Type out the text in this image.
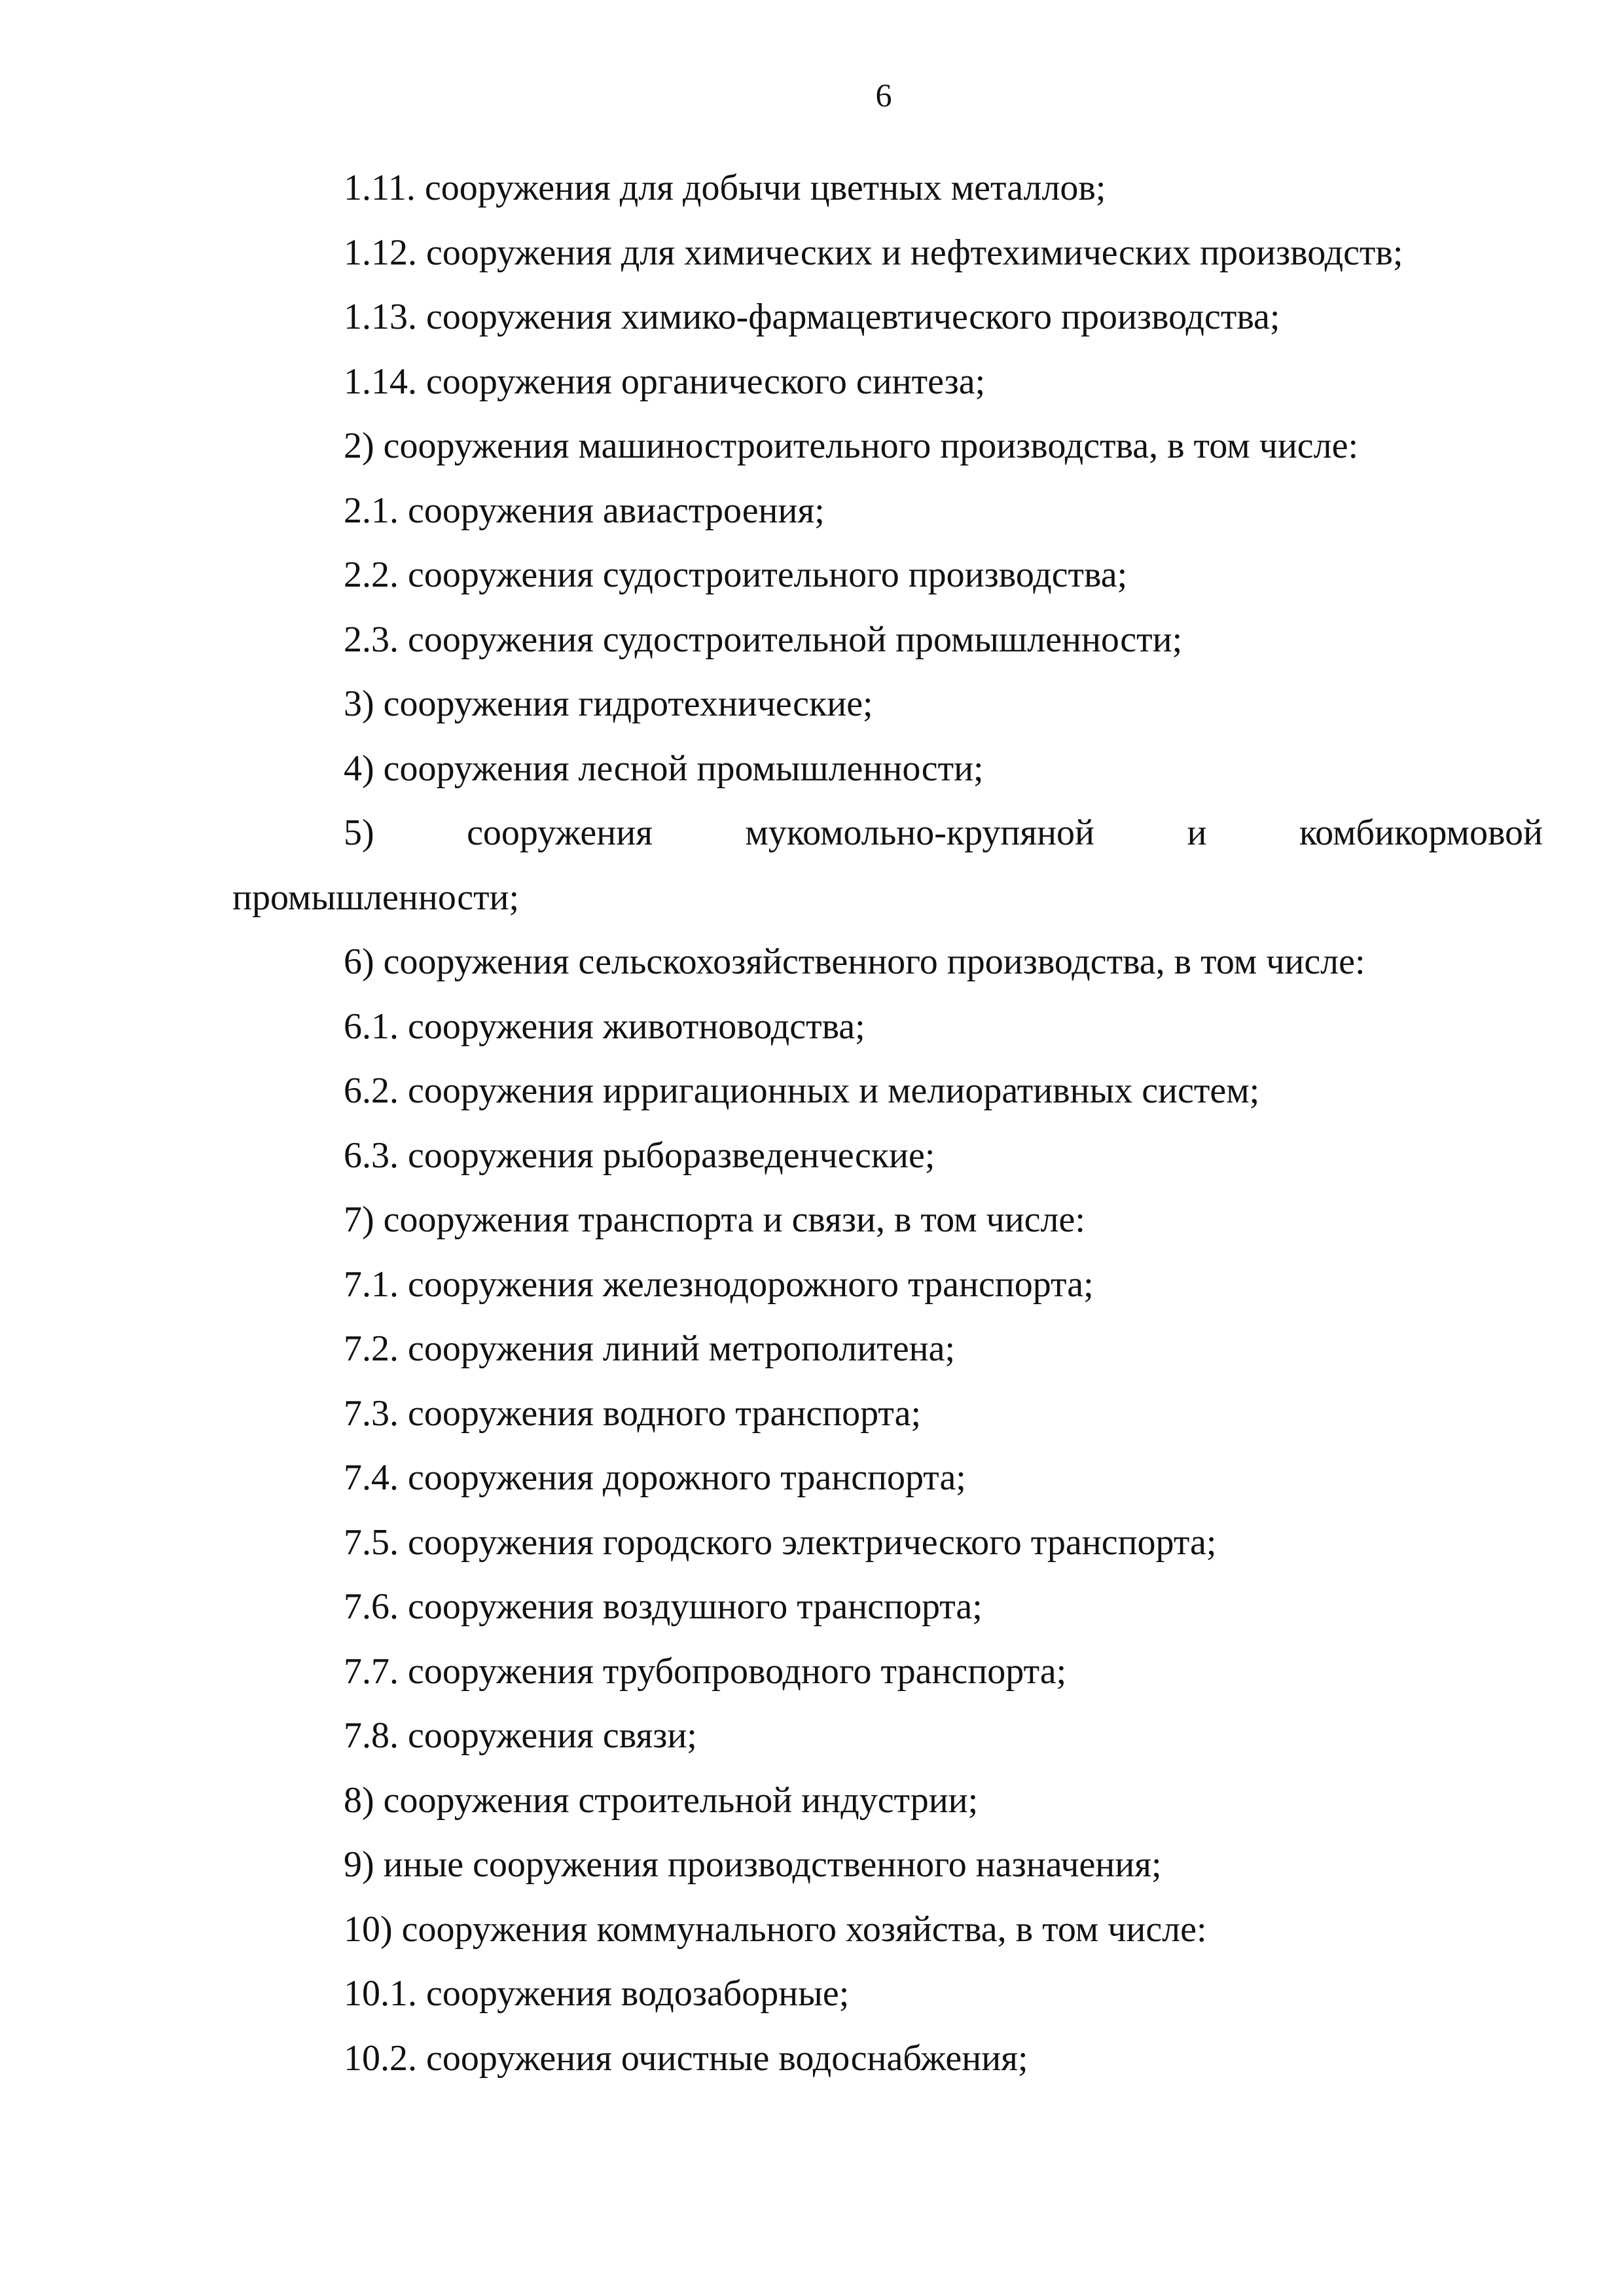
6

1.11. сооружения для добычи цветных металлов;

1.12. сооружения для химических и нефтехимических производств;

1.13. сооружения химико-фармацевтического производства;

1.14. сооружения органического синтеза;

2) сооружения машиностроительного производства, в том числе:

2.1. сооружения авиастроения;

2.2. сооружения судостроительного производства;

2.3. сооружения судостроительной промышленности;

3) сооружения гидротехнические;

4) сооружения лесной промышленности;

5)	сооружения	мукомольно-крупяной	и	комбикормовой

промышленности;

6) сооружения сельскохозяйственного производства, в том числе:

6.1. сооружения животноводства;

6.2. сооружения ирригационных и мелиоративных систем;

6.3. сооружения рыборазведенческие;

7) сооружения транспорта и связи, в том числе:

7.1. сооружения железнодорожного транспорта;

7.2. сооружения линий метрополитена;

7.3. сооружения водного транспорта;

7.4. сооружения дорожного транспорта;

7.5. сооружения городского электрического транспорта;

7.6. сооружения воздушного транспорта;

7.7. сооружения трубопроводного транспорта;

7.8. сооружения связи;

8) сооружения строительной индустрии;

9) иные сооружения производственного назначения;

10) сооружения коммунального хозяйства, в том числе:

10.1. сооружения водозаборные;

10.2. сооружения очистные водоснабжения;
